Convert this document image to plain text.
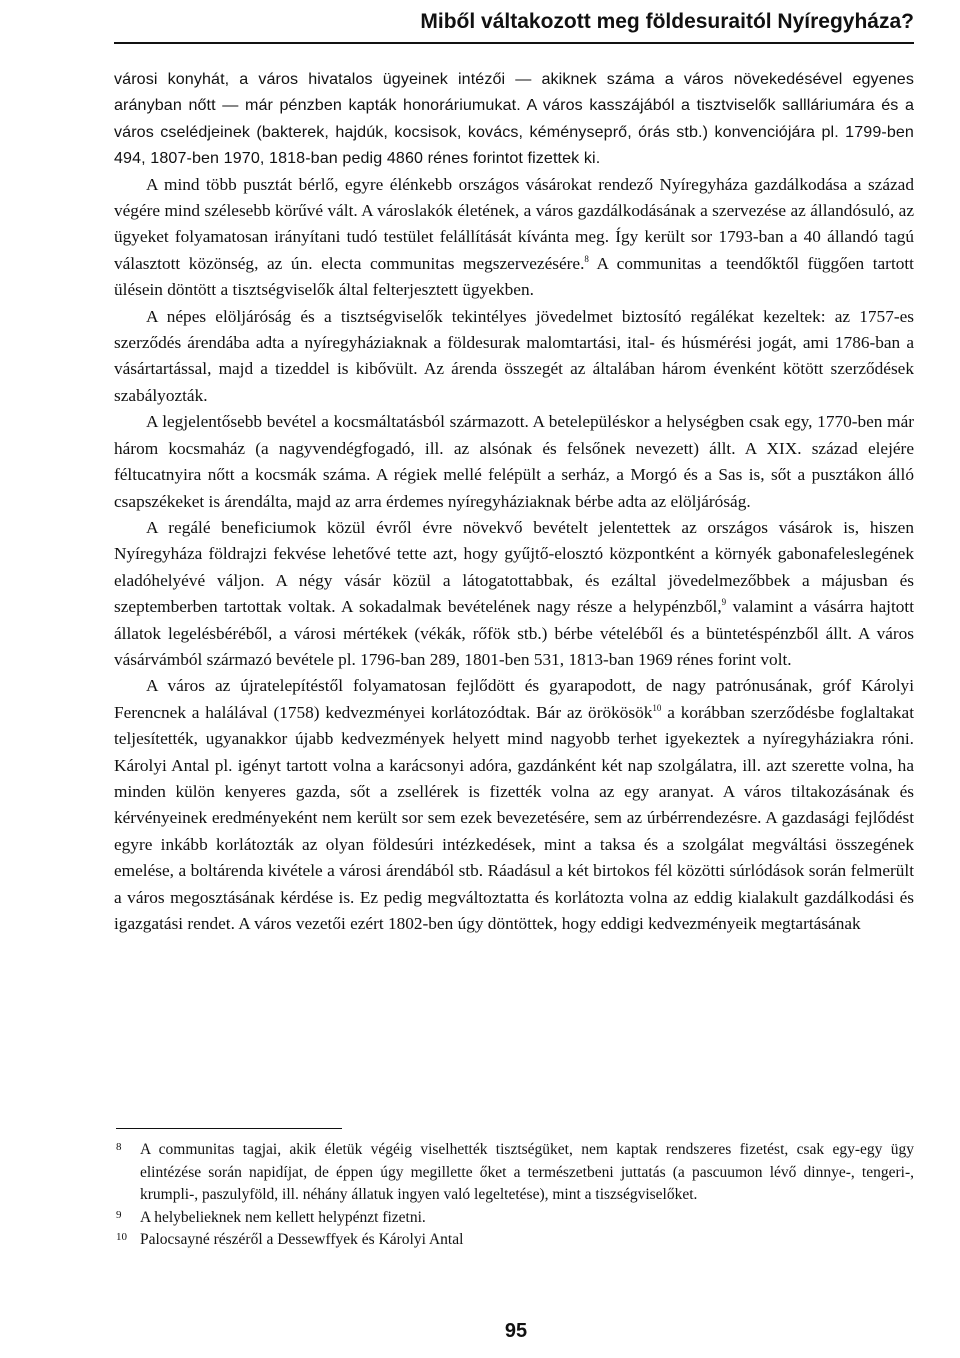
Miből váltakozott meg földesuraitól Nyíregyháza?

városi konyhát, a város hivatalos ügyeinek intézői — akiknek száma a város növekedésével egyenes arányban nőtt — már pénzben kapták honoráriumukat. A város kasszájából a tisztviselők sallláriumára és a város cselédjeinek (bakterek, hajdúk, kocsisok, kovács, kéményseprő, órás stb.) konvenciójára pl. 1799-ben 494, 1807-ben 1970, 1818-ban pedig 4860 rénes forintot fizettek ki.

A mind több pusztát bérlő, egyre élénkebb országos vásárokat rendező Nyíregyháza gazdálkodása a század végére mind szélesebb körűvé vált. A városlakók életének, a város gazdálkodásának a szervezése az állandósuló, az ügyeket folyamatosan irányítani tudó testület felállítását kívánta meg. Így került sor 1793-ban a 40 állandó tagú választott közönség, az ún. electa communitas megszervezésére.$^8$ A communitas a teendőktől függően tartott ülésein döntött a tisztségviselők által felterjesztett ügyekben.

A népes elöljáróság és a tisztségviselők tekintélyes jövedelmet biztosító regálékat kezeltek: az 1757-es szerződés árendába adta a nyíregyháziaknak a földesurak malomtartási, ital- és húsmérési jogát, ami 1786-ban a vásártartással, majd a tizeddel is kibővült. Az árenda összegét az általában három évenként kötött szerződések szabályozták.

A legjelentősebb bevétel a kocsmáltatásból származott. A betelepüléskor a helységben csak egy, 1770-ben már három kocsmaház (a nagyvendégfogadó, ill. az alsónak és felsőnek nevezett) állt. A XIX. század elejére féltucatnyira nőtt a kocsmák száma. A régiek mellé felépült a serház, a Morgó és a Sas is, sőt a pusztákon álló csapszékeket is árendálta, majd az arra érdemes nyíregyháziaknak bérbe adta az elöljáróság.

A regálé beneficiumok közül évről évre növekvő bevételt jelentettek az országos vásárok is, hiszen Nyíregyháza földrajzi fekvése lehetővé tette azt, hogy gyűjtő-elosztó központként a környék gabonafeleslegének eladóhelyévé váljon. A négy vásár közül a látogatottabbak, és ezáltal jövedelmezőbbek a májusban és szeptemberben tartottak voltak. A sokadalmak bevételének nagy része a helypénzből,$^9$ valamint a vásárra hajtott állatok legelésbéréből, a városi mértékek (vékák, rőfök stb.) bérbe vételéből és a büntetéspénzből állt. A város vásárvámból származó bevétele pl. 1796-ban 289, 1801-ben 531, 1813-ban 1969 rénes forint volt.

A város az újratelepítéstől folyamatosan fejlődött és gyarapodott, de nagy patrónusának, gróf Károlyi Ferencnek a halálával (1758) kedvezményei korlátozódtak. Bár az örökösök$^{10}$ a korábban szerződésbe foglaltakat teljesítették, ugyanakkor újabb kedvezmények helyett mind nagyobb terhet igyekeztek a nyíregyháziakra róni. Károlyi Antal pl. igényt tartott volna a karácsonyi adóra, gazdánként két nap szolgálatra, ill. azt szerette volna, ha minden külön kenyeres gazda, sőt a zsellérek is fizették volna az egy aranyat. A város tiltakozásának és kérvényeinek eredményeként nem került sor sem ezek bevezetésére, sem az úrbérrendezésre. A gazdasági fejlődést egyre inkább korlátozták az olyan földesúri intézkedések, mint a taksa és a szolgálat megváltási összegének emelése, a boltárenda kivétele a városi árendából stb. Ráadásul a két birtokos fél közötti súrlódások során felmerült a város megosztásának kérdése is. Ez pedig megváltoztatta és korlátozta volna az eddig kialakult gazdálkodási és igazgatási rendet. A város vezetői ezért 1802-ben úgy döntöttek, hogy eddigi kedvezményeik megtartásának

8	A communitas tagjai, akik életük végéig viselhették tisztségüket, nem kaptak rendszeres fizetést, csak egy-egy ügy elintézése során napidíjat, de éppen úgy megillette őket a természetbeni juttatás (a pascuumon lévő dinnye-, tengeri-, krumpli-, paszulyföld, ill. néhány állatuk ingyen való legeltetése), mint a tiszségviselőket.
9	A helybelieknek nem kellett helypénzt fizetni.
10 Palocsayné részéről a Dessewffyek és Károlyi Antal
95
